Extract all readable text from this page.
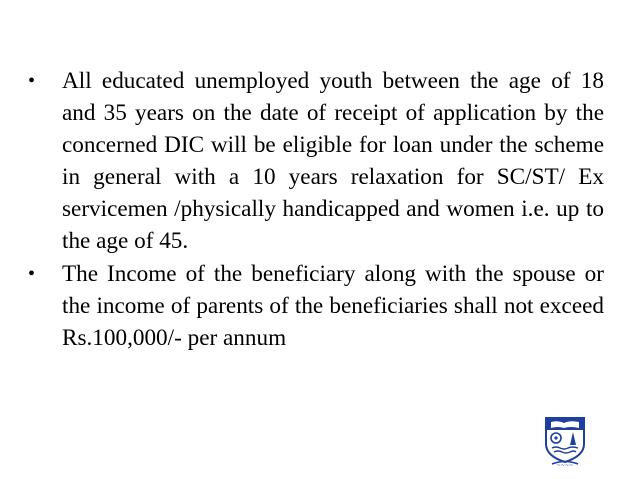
•	All educated unemployed youth between the age of 18 and 35 years on the date of receipt of application by the concerned DIC will be eligible for loan under the scheme in general with a 10 years relaxation for SC/ST/ Ex servicemen /physically handicapped and women i.e. up to the age of 45.
•	The Income of the beneficiary along with the spouse or the income of parents of the beneficiaries shall not exceed Rs.100,000/- per annum
~~~~
